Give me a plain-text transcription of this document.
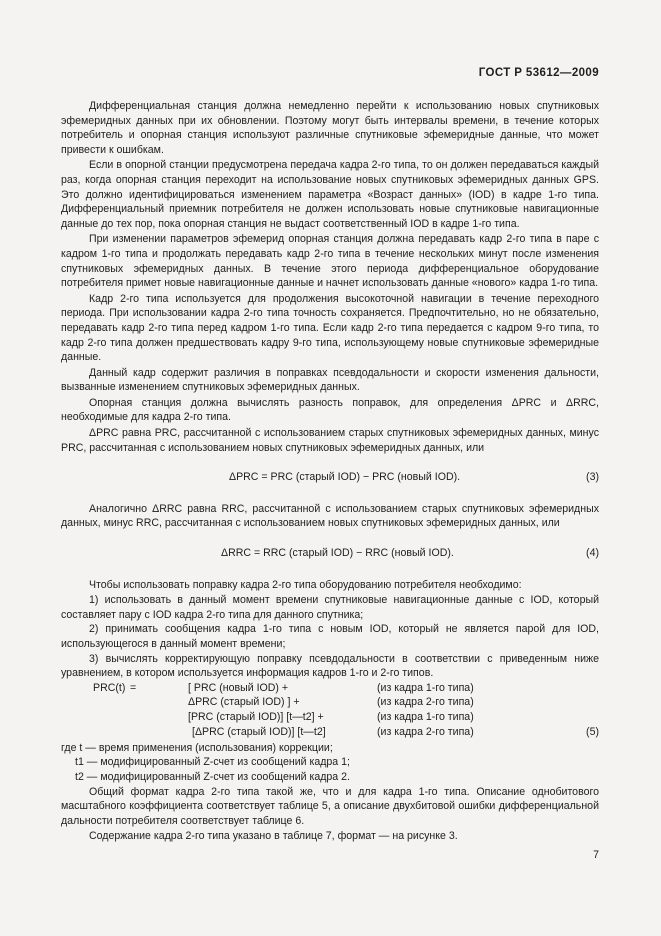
ГОСТ Р 53612—2009

Дифференциальная станция должна немедленно перейти к использованию новых спутниковых эфемеридных данных при их обновлении. Поэтому могут быть интервалы времени, в течение которых потребитель и опорная станция используют различные спутниковые эфемеридные данные, что может привести к ошибкам.

Если в опорной станции предусмотрена передача кадра 2-го типа, то он должен передаваться каждый раз, когда опорная станция переходит на использование новых спутниковых эфемеридных данных GPS. Это должно идентифицироваться изменением параметра «Возраст данных» (IOD) в кадре 1-го типа. Дифференциальный приемник потребителя не должен использовать новые спутниковые навигационные данные до тех пор, пока опорная станция не выдаст соответственный IOD в кадре 1-го типа.

При изменении параметров эфемерид опорная станция должна передавать кадр 2-го типа в паре с кадром 1-го типа и продолжать передавать кадр 2-го типа в течение нескольких минут после изменения спутниковых эфемеридных данных. В течение этого периода дифференциальное оборудование потребителя примет новые навигационные данные и начнет использовать данные «нового» кадра 1-го типа.

Кадр 2-го типа используется для продолжения высокоточной навигации в течение переходного периода. При использовании кадра 2-го типа точность сохраняется. Предпочтительно, но не обязательно, передавать кадр 2-го типа перед кадром 1-го типа. Если кадр 2-го типа передается с кадром 9-го типа, то кадр 2-го типа должен предшествовать кадру 9-го типа, использующему новые спутниковые эфемеридные данные.

Данный кадр содержит различия в поправках псевдодальности и скорости изменения дальности, вызванные изменением спутниковых эфемеридных данных.

Опорная станция должна вычислять разность поправок, для определения ΔPRC и ΔRRC, необходимые для кадра 2-го типа.

ΔPRC равна PRC, рассчитанной с использованием старых спутниковых эфемеридных данных, минус PRC, рассчитанная с использованием новых спутниковых эфемеридных данных, или

ΔPRC = PRC (старый IOD) − PRC (новый IOD).	(3)

Аналогично ΔRRC равна RRC, рассчитанной с использованием старых спутниковых эфемеридных данных, минус RRC, рассчитанная с использованием новых спутниковых эфемеридных данных, или

ΔRRC = RRC (старый IOD) − RRC (новый IOD).	(4)

Чтобы использовать поправку кадра 2-го типа оборудованию потребителя необходимо:

1) использовать в данный момент времени спутниковые навигационные данные с IOD, который составляет пару с IOD кадра 2-го типа для данного спутника;

2) принимать сообщения кадра 1-го типа с новым IOD, который не является парой для IOD, использующегося в данный момент времени;

3) вычислять корректирующую поправку псевдодальности в соответствии с приведенным ниже уравнением, в котором используется информация кадров 1-го и 2-го типов.

PRC(t) =	[ PRC (новый IOD) +	(из кадра 1-го типа)
ΔPRC (старый IOD) ] +	(из кадра 2-го типа)
[PRC (старый IOD)] [t—t2] +	(из кадра 1-го типа)
[ΔPRC (старый IOD)] [t—t2]	(из кадра 2-го типа)	(5)

где t — время применения (использования) коррекции;

t1 — модифицированный Z-счет из сообщений кадра 1;

t2 — модифицированный Z-счет из сообщений кадра 2.

Общий формат кадра 2-го типа такой же, что и для кадра 1-го типа. Описание однобитового масштабного коэффициента соответствует таблице 5, а описание двухбитовой ошибки дифференциальной дальности потребителя соответствует таблице 6.

Содержание кадра 2-го типа указано в таблице 7, формат — на рисунке 3.

7
